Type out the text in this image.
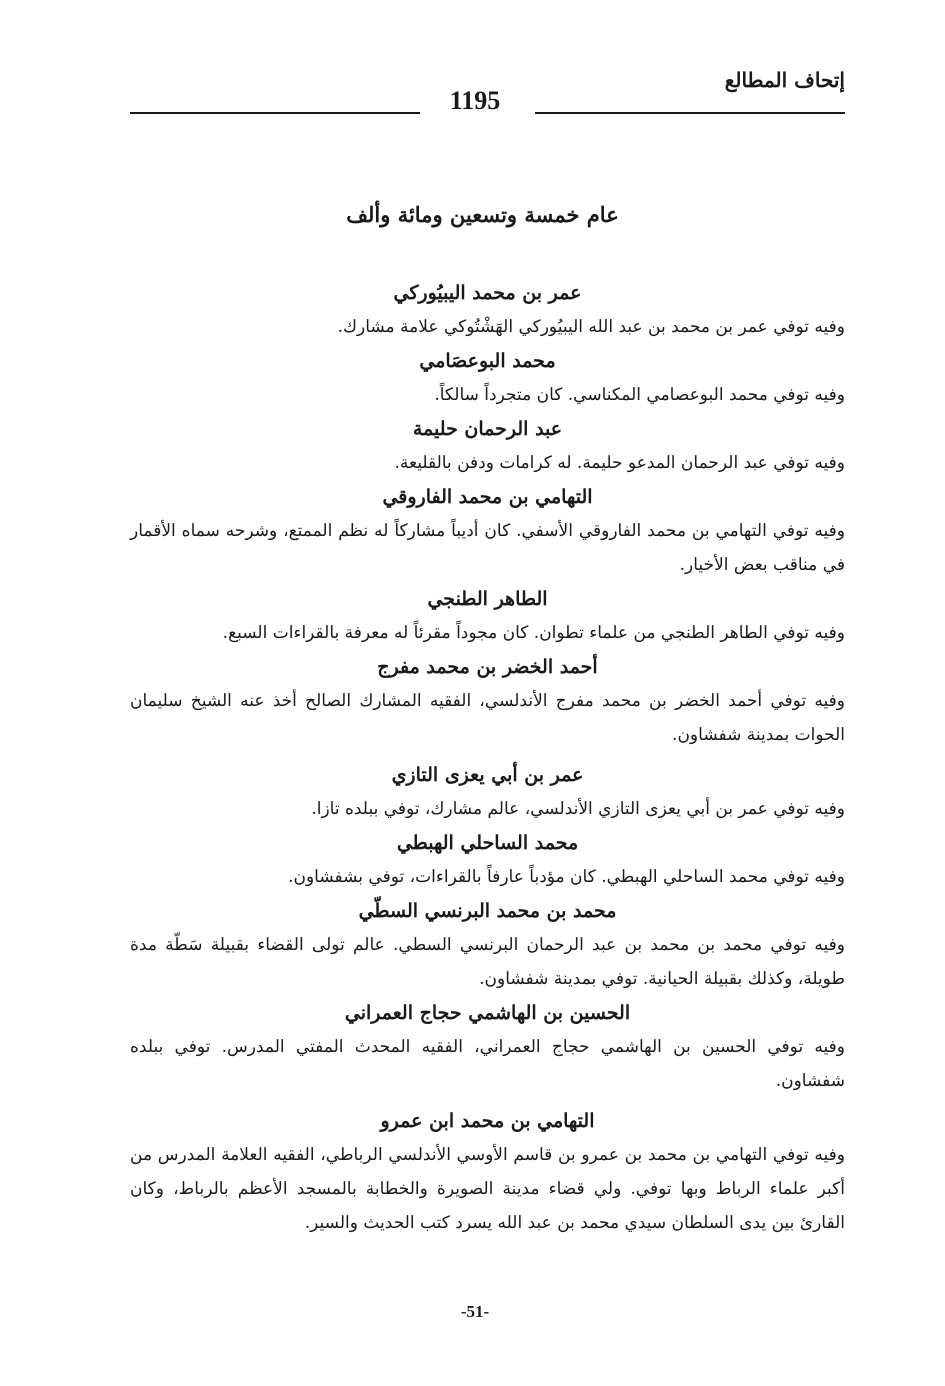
إتحاف المطالع
1195
عام خمسة وتسعين ومائة وألف

عمر بن محمد اليبيُوركي

وفيه توفي عمر بن محمد بن عبد الله اليبيُوركي الهَشْتُوكي علامة مشارك.

محمد البوعصَامي

وفيه توفي محمد البوعصامي المكناسي. كان متجرداً سالكاً.

عبد الرحمان حليمة

وفيه توفي عبد الرحمان المدعو حليمة. له كرامات ودفن بالقليعة.

التهامي بن محمد الفاروقي

وفيه توفي التهامي بن محمد الفاروقي الأسفي. كان أديباً مشاركاً له نظم الممتع، وشرحه سماه الأقمار في مناقب بعض الأخيار.

الطاهر الطنجي

وفيه توفي الطاهر الطنجي من علماء تطوان. كان مجوداً مقرئاً له معرفة بالقراءات السبع.

أحمد الخضر بن محمد مفرج

وفيه توفي أحمد الخضر بن محمد مفرج الأندلسي، الفقيه المشارك الصالح أخذ عنه الشيخ سليمان الحوات بمدينة شفشاون.

عمر بن أبي يعزى التازي

وفيه توفي عمر بن أبي يعزى التازي الأندلسي، عالم مشارك، توفي ببلده تازا.

محمد الساحلي الهبطي

وفيه توفي محمد الساحلي الهبطي. كان مؤدباً عارفاً بالقراءات، توفي بشفشاون.

محمد بن محمد البرنسي السطّي

وفيه توفي محمد بن محمد بن عبد الرحمان البرنسي السطي. عالم تولى القضاء بقبيلة سَطّة مدة طويلة، وكذلك بقبيلة الحيانية. توفي بمدينة شفشاون.

الحسين بن الهاشمي حجاج العمراني

وفيه توفي الحسين بن الهاشمي حجاج العمراني، الفقيه المحدث المفتي المدرس. توفي ببلده شفشاون.

التهامي بن محمد ابن عمرو

وفيه توفي التهامي بن محمد بن عمرو بن قاسم الأوسي الأندلسي الرباطي، الفقيه العلامة المدرس من أكبر علماء الرباط وبها توفي. ولي قضاء مدينة الصويرة والخطابة بالمسجد الأعظم بالرباط، وكان القارئ بين يدى السلطان سيدي محمد بن عبد الله يسرد كتب الحديث والسير.

-51-
